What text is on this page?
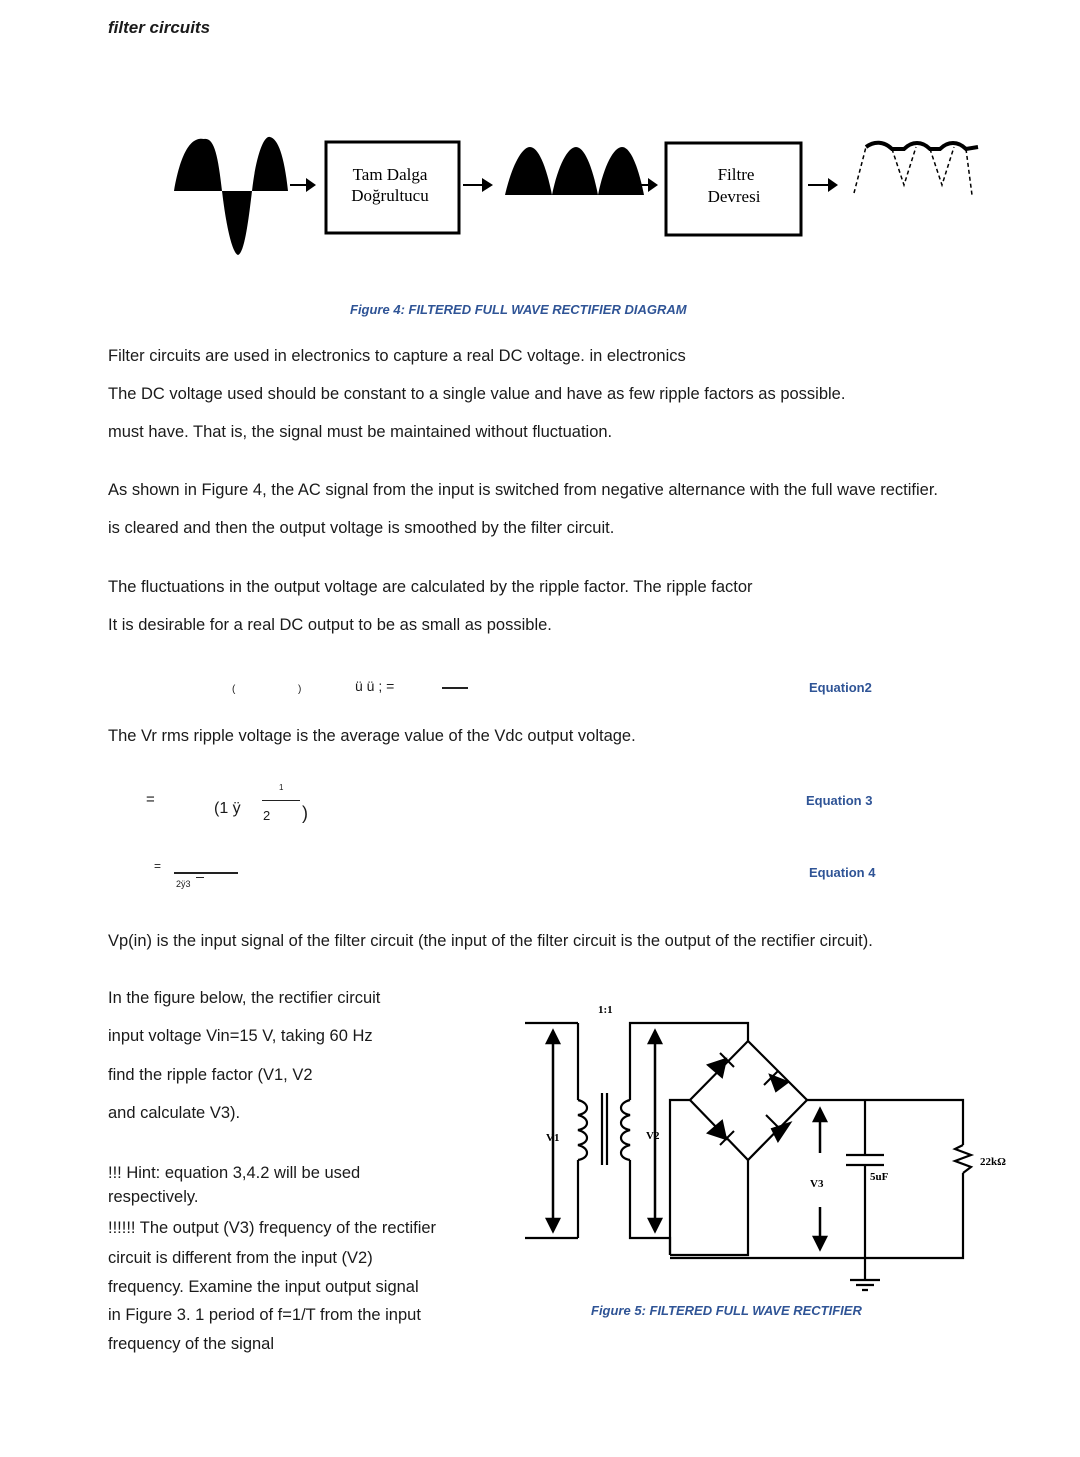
filter circuits
Tam Dalga
Doğrultucu
Filtre
Devresi
Figure 4: FILTERED FULL WAVE RECTIFIER DIAGRAM
Filter circuits are used in electronics to capture a real DC voltage. in electronics
The DC voltage used should be constant to a single value and have as few ripple factors as possible.
must have. That is, the signal must be maintained without fluctuation.
As shown in Figure 4, the AC signal from the input is switched from negative alternance with the full wave rectifier.
is cleared and then the output voltage is smoothed by the filter circuit.
The fluctuations in the output voltage are calculated by the ripple factor. The ripple factor
It is desirable for a real DC output to be as small as possible.
(	)	ü ü ; =	Equation2
The Vr rms ripple voltage is the average value of the Vdc output voltage.
=
(1 ÿ
1
2 )
Equation 3
=
2ÿ3
Equation 4
Vp(in) is the input signal of the filter circuit (the input of the filter circuit is the output of the rectifier circuit).
In the figure below, the rectifier circuit
input voltage Vin=15 V, taking 60 Hz
find the ripple factor (V1, V2
and calculate V3).
!!! Hint: equation 3,4.2 will be used
respectively.
!!!!!! The output (V3) frequency of the rectifier
circuit is different from the input (V2)
frequency. Examine the input output signal
in Figure 3. 1 period of f=1/T from the input
frequency of the signal
1:1
V1	V2
V3
5uF
22kΩ
Figure 5: FILTERED FULL WAVE RECTIFIER
